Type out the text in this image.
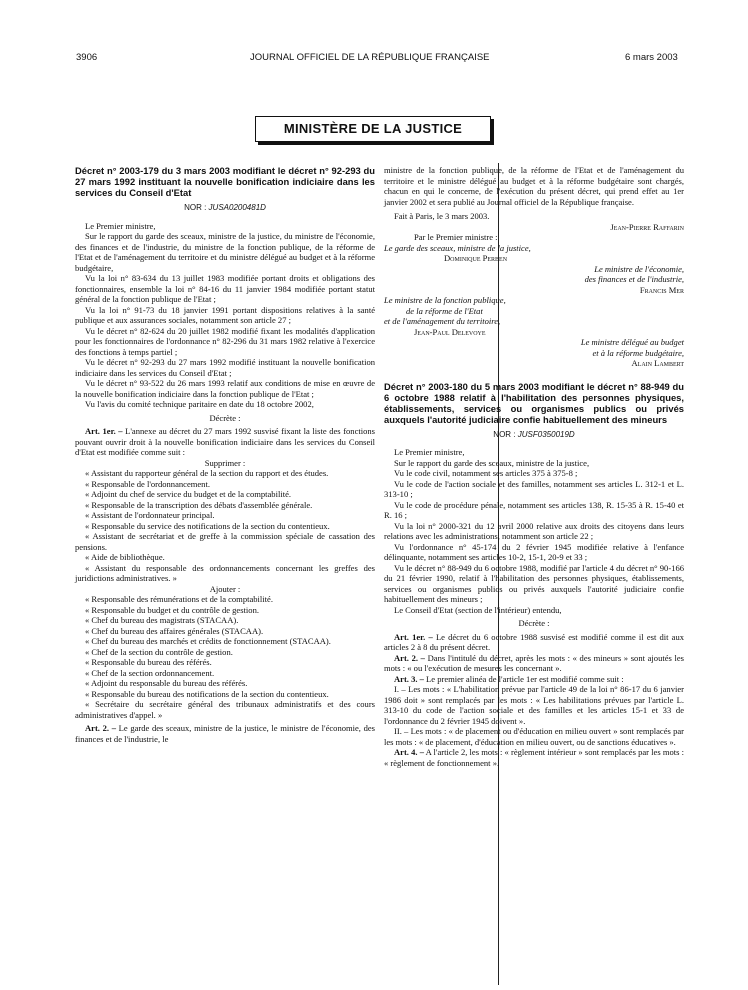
3906	JOURNAL OFFICIEL DE LA RÉPUBLIQUE FRANÇAISE	6 mars 2003
MINISTÈRE DE LA JUSTICE

Décret n° 2003-179 du 3 mars 2003 modifiant le décret n° 92-293 du 27 mars 1992 instituant la nouvelle bonification indiciaire dans les services du Conseil d'Etat

NOR : JUSA0200481D

Le Premier ministre,

Sur le rapport du garde des sceaux, ministre de la justice, du ministre de l'économie, des finances et de l'industrie, du ministre de la fonction publique, de la réforme de l'Etat et de l'aménagement du territoire et du ministre délégué au budget et à la réforme budgétaire,

Vu la loi n° 83-634 du 13 juillet 1983 modifiée portant droits et obligations des fonctionnaires, ensemble la loi n° 84-16 du 11 janvier 1984 modifiée portant statut général de la fonction publique de l'Etat ;

Vu la loi n° 91-73 du 18 janvier 1991 portant dispositions relatives à la santé publique et aux assurances sociales, notamment son article 27 ;

Vu le décret n° 82-624 du 20 juillet 1982 modifié fixant les modalités d'application pour les fonctionnaires de l'ordonnance n° 82-296 du 31 mars 1982 relative à l'exercice des fonctions à temps partiel ;

Vu le décret n° 92-293 du 27 mars 1992 modifié instituant la nouvelle bonification indiciaire dans les services du Conseil d'Etat ;

Vu le décret n° 93-522 du 26 mars 1993 relatif aux conditions de mise en œuvre de la nouvelle bonification indiciaire dans la fonction publique de l'Etat ;

Vu l'avis du comité technique paritaire en date du 18 octobre 2002,

Décrète :

Art. 1er. – L'annexe au décret du 27 mars 1992 susvisé fixant la liste des fonctions pouvant ouvrir droit à la nouvelle bonification indiciaire dans les services du Conseil d'Etat est modifiée comme suit :

Supprimer :

« Assistant du rapporteur général de la section du rapport et des études.

« Responsable de l'ordonnancement.

« Adjoint du chef de service du budget et de la comptabilité.

« Responsable de la transcription des débats d'assemblée générale.

« Assistant de l'ordonnateur principal.

« Responsable du service des notifications de la section du contentieux.

« Assistant de secrétariat et de greffe à la commission spéciale de cassation des pensions.

« Aide de bibliothèque.

« Assistant du responsable des ordonnancements concernant les greffes des juridictions administratives. »

Ajouter :

« Responsable des rémunérations et de la comptabilité.

« Responsable du budget et du contrôle de gestion.

« Chef du bureau des magistrats (STACAA).

« Chef du bureau des affaires générales (STACAA).

« Chef du bureau des marchés et crédits de fonctionnement (STACAA).

« Chef de la section du contrôle de gestion.

« Responsable du bureau des référés.

« Chef de la section ordonnancement.

« Adjoint du responsable du bureau des référés.

« Responsable du bureau des notifications de la section du contentieux.

« Secrétaire du secrétaire général des tribunaux administratifs et des cours administratives d'appel. »

Art. 2. – Le garde des sceaux, ministre de la justice, le ministre de l'économie, des finances et de l'industrie, le

ministre de la fonction publique, de la réforme de l'Etat et de l'aménagement du territoire et le ministre délégué au budget et à la réforme budgétaire sont chargés, chacun en qui le concerne, de l'exécution du présent décret, qui prend effet au 1er janvier 2002 et sera publié au Journal officiel de la République française.

Fait à Paris, le 3 mars 2003.

Jean-Pierre Raffarin

Par le Premier ministre :

Le garde des sceaux, ministre de la justice,

Dominique Perben

Le ministre de l'économie,

des finances et de l'industrie,

Francis Mer

Le ministre de la fonction publique,

de la réforme de l'Etat

et de l'aménagement du territoire,

Jean-Paul Delevoye

Le ministre délégué au budget

et à la réforme budgétaire,

Alain Lambert

Décret n° 2003-180 du 5 mars 2003 modifiant le décret n° 88-949 du 6 octobre 1988 relatif à l'habilitation des personnes physiques, établissements, services ou organismes publics ou privés auxquels l'autorité judiciaire confie habituellement des mineurs

NOR : JUSF0350019D

Le Premier ministre,

Sur le rapport du garde des sceaux, ministre de la justice,

Vu le code civil, notamment ses articles 375 à 375-8 ;

Vu le code de l'action sociale et des familles, notamment ses articles L. 312-1 et L. 313-10 ;

Vu le code de procédure pénale, notamment ses articles 138, R. 15-35 à R. 15-40 et R. 16 ;

Vu la loi n° 2000-321 du 12 avril 2000 relative aux droits des citoyens dans leurs relations avec les administrations, notamment son article 22 ;

Vu l'ordonnance n° 45-174 du 2 février 1945 modifiée relative à l'enfance délinquante, notamment ses articles 10-2, 15-1, 20-9 et 33 ;

Vu le décret n° 88-949 du 6 octobre 1988, modifié par l'article 4 du décret n° 90-166 du 21 février 1990, relatif à l'habilitation des personnes physiques, établissements, services ou organismes publics ou privés auxquels l'autorité judiciaire confie habituellement des mineurs ;

Le Conseil d'Etat (section de l'intérieur) entendu,

Décrète :

Art. 1er. – Le décret du 6 octobre 1988 susvisé est modifié comme il est dit aux articles 2 à 8 du présent décret.

Art. 2. – Dans l'intitulé du décret, après les mots : « des mineurs » sont ajoutés les mots : « ou l'exécution de mesures les concernant ».

Art. 3. – Le premier alinéa de l'article 1er est modifié comme suit :

I. – Les mots : « L'habilitation prévue par l'article 49 de la loi n° 86-17 du 6 janvier 1986 doit » sont remplacés par les mots : « Les habilitations prévues par l'article L. 313-10 du code de l'action sociale et des familles et les articles 15-1 et 33 de l'ordonnance du 2 février 1945 doivent ».

II. – Les mots : « de placement ou d'éducation en milieu ouvert » sont remplacés par les mots : « de placement, d'éducation en milieu ouvert, ou de sanctions éducatives ».

Art. 4. – A l'article 2, les mots : « règlement intérieur » sont remplacés par les mots : « règlement de fonctionnement ».
